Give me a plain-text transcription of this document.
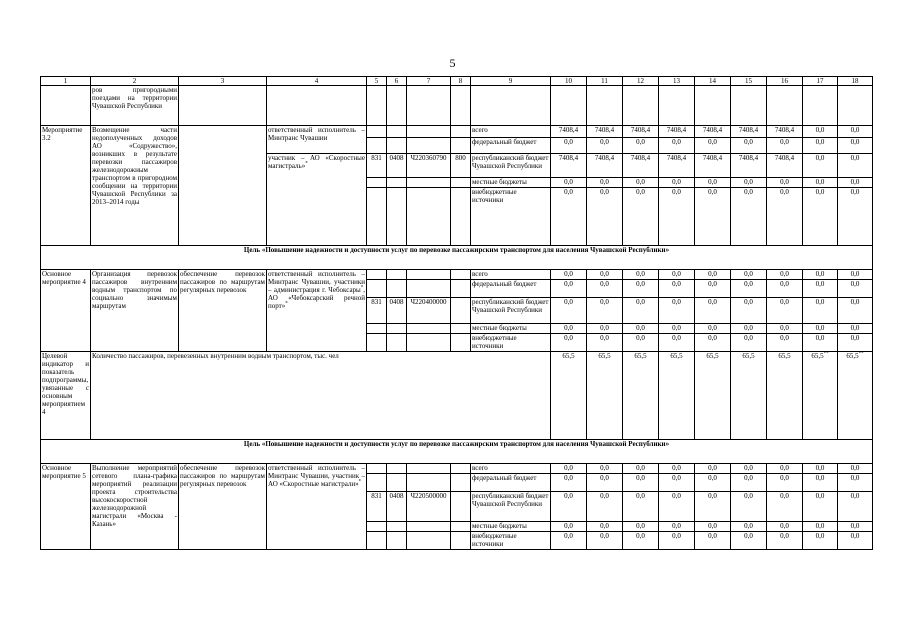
5
1	2	3	4	5	6	7	8	9	10	11	12	13	14	15	16	17	18
	ров пригородными поездами на территории Чувашской Республики																
Мероприятие 3.2	Возмещение части недополученных доходов АО «Содружество», возникших в результате перевозки пассажиров железнодорожным транспортом в пригородном сообщении на территории Чувашской Республики за 2013–2014 годы		ответственный исполнитель – Минтранс Чувашии					всего	7408,4	7408,4	7408,4	7408,4	7408,4	7408,4	7408,4	0,0	0,0
								федеральный бюджет	0,0	0,0	0,0	0,0	0,0	0,0	0,0	0,0	0,0
			участник – АО «Скоростные магистраль»*	831	0408	Ч220360790	800	республиканский бюджет Чувашской Республики	7408,4	7408,4	7408,4	7408,4	7408,4	7408,4	7408,4	0,0	0,0
								местные бюджеты	0,0	0,0	0,0	0,0	0,0	0,0	0,0	0,0	0,0
								внебюджетные источники	0,0	0,0	0,0	0,0	0,0	0,0	0,0	0,0	0,0
Цель «Повышение надежности и доступности услуг по перевозке пассажирским транспортом для населения Чувашской Республики»																	
Основное мероприятие 4	Организация перевозок пассажиров внутренним водным транспортом по социально значимым маршрутам	обеспечение перевозок пассажиров по маршрутам регулярных перевозок	ответственный исполнитель – Минтранс Чувашии, участники – администрация г. Чебоксары*, АО «Чебоксарский речной порт»*					всего	0,0	0,0	0,0	0,0	0,0	0,0	0,0	0,0	0,0
								федеральный бюджет	0,0	0,0	0,0	0,0	0,0	0,0	0,0	0,0	0,0
				831	0408	Ч220400000		республиканский бюджет Чувашской Республики	0,0	0,0	0,0	0,0	0,0	0,0	0,0	0,0	0,0
								местные бюджеты	0,0	0,0	0,0	0,0	0,0	0,0	0,0	0,0	0,0
								внебюджетные источники	0,0	0,0	0,0	0,0	0,0	0,0	0,0	0,0	0,0
Целевой индикатор и показатель подпрограммы, увязанные с основным мероприятием 4	Количество пассажиров, перевезенных внутренним водным транспортом, тыс. чел								65,5	65,5	65,5	65,5	65,5	65,5	65,5	65,5**	65,5**
Цель «Повышение надежности и доступности услуг по перевозке пассажирским транспортом для населения Чувашской Республики»																	
Основное мероприятие 5	Выполнение мероприятий сетевого плана-графика мероприятий реализации проекта строительства высокоскоростной железнодорожной магистрали «Москва - Казань»	обеспечение перевозок пассажиров по маршрутам регулярных перевозок	ответственный исполнитель – Минтранс Чувашии, участник – АО «Скоростные магистрали»*					всего	0,0	0,0	0,0	0,0	0,0	0,0	0,0	0,0	0,0
								федеральный бюджет	0,0	0,0	0,0	0,0	0,0	0,0	0,0	0,0	0,0
				831	0408	Ч220500000		республиканский бюджет Чувашской Республики	0,0	0,0	0,0	0,0	0,0	0,0	0,0	0,0	0,0
								местные бюджеты	0,0	0,0	0,0	0,0	0,0	0,0	0,0	0,0	0,0
								внебюджетные источники	0,0	0,0	0,0	0,0	0,0	0,0	0,0	0,0	0,0
